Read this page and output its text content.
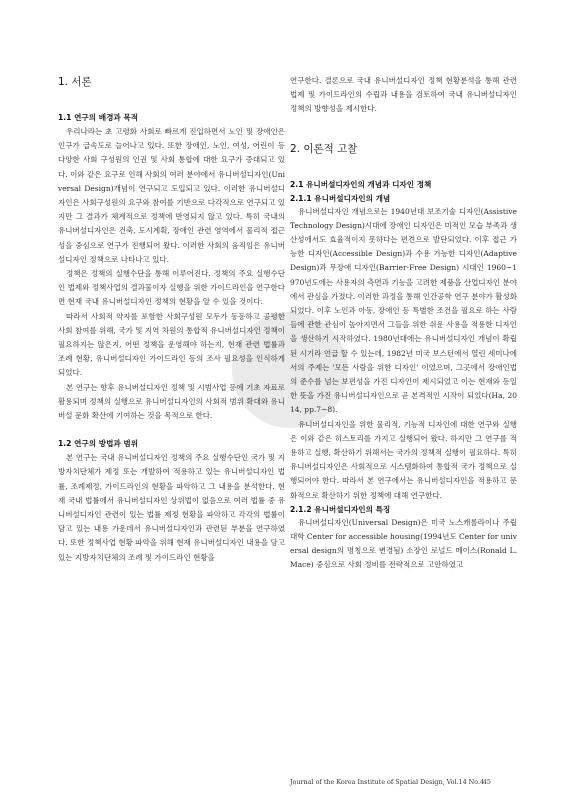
1. 서론
1.1 연구의 배경과 목적

우리나라는 초 고령화 사회로 빠르게 진입하면서 노인 및 장애인은 인구가 급속도로 늘어나고 있다. 또한 장애인, 노인, 여성, 어린이 등 다양한 사회 구성원의 인권 및 사회 통합에 대한 요구가 증대되고 있다. 이와 같은 요구로 인해 사회의 여러 분야에서 유니버설디자인(Universal Design)개념이 연구되고 도입되고 있다. 이러한 유니버설디자인은 사회구성원의 요구와 참여를 기반으로 다각적으로 연구되고 있지만 그 결과가 체계적으로 정책에 반영되지 않고 있다. 특히 국내의 유니버설디자인은 건축, 도시계획, 장애인 관련 영역에서 물리적 접근성을 중심으로 연구가 진행되어 왔다. 이러한 사회의 움직임은 유니버설디자인 정책으로 나타나고 있다.

정책은 정책의 실행수단을 통해 이루어진다. 정책의 주요 실행수단인 법제와 정책사업의 결과물이자 실행을 위한 가이드라인을 연구한다면 현재 국내 유니버설디자인 정책의 현황을 알 수 있을 것이다.

따라서 사회적 약자를 포함한 사회구성원 모두가 동등하고 공평한 사회 참여를 위해, 국가 및 지역 차원의 통합적 유니버설디자인 정책이 필요하지는 않은지, 어떤 정책을 운영해야 하는지, 현재 관련 법률과 조례 현황, 유니버설디자인 가이드라인 등의 조사 필요성을 인식하게 되었다.

본 연구는 향후 유니버설디자인 정책 및 시범사업 등에 기초 자료로 활용되며 정책의 실행으로 유니버설디자인의 사회적 범위 확대와 유니버설 문화 확산에 기여하는 것을 목적으로 한다.

1.2 연구의 방법과 범위

본 연구는 국내 유니버설디자인 정책의 주요 실행수단인 국가 및 지방자치단체가 제정 또는 개발하여 적용하고 있는 유니버설디자인 법률, 조례제정, 가이드라인의 현황을 파악하고 그 내용을 분석한다. 현재 국내 법률에서 유니버설디자인 상위법이 없음으로 여러 법률 중 유니버설디자인 관련이 있는 법률 제정 현황을 파악하고 각각의 법률이 담고 있는 내용 가운데서 유니버설디자인과 관련된 부분을 연구하였다. 또한 정책사업 현황 파악을 위해 현재 유니버설디자인 내용을 담고 있는 지방자치단체의 조례 및 가이드라인 현황을

연구한다. 결론으로 국내 유니버설디자인 정책 현황분석을 통해 관련 법제 및 가이드라인의 수립과 내용을 검토하여 국내 유니버설디자인 정책의 방향성을 제시한다.

2. 이론적 고찰
2.1 유니버설디자인의 개념과 디자인 정책
2.1.1 유니버설디자인의 개념

유니버설디자인 개념으로는 1940년대 보조기술 디자인(Assistive Technology Design)시대에 장애인 디자인은 미적인 모습 부족과 생산성에서도 효율적이지 못하다는 편견으로 발단되었다. 이후 접근 가능한 디자인(Accessible Design)과 수용 가능한 디자인(Adaptive Design)과 무장애 디자인(Barrier-Free Design) 시대인 1960~1970년도에는 사용자의 측면과 기능을 고려한 제품을 산업디자인 분야에서 관심을 가졌다. 이러한 과정을 통해 인간공학 연구 분야가 활성화 되었다. 이후 노인과 아동, 장애인 등 특별한 조건을 필요로 하는 사람들에 관한 관심이 높아지면서 그들을 위한 쉬운 사용을 적용한 디자인을 생산하기 시작하였다. 1980년대에는 유니버설디자인 개념이 확립된 시기라 언급 할 수 있는데, 1982년 미국 보스턴에서 열린 세미나에서의 주제는 '모든 사람을 위한 디자인' 이었으며, 그곳에서 장애인법의 준수를 넘는 보편성을 가진 디자인이 제시되었고 이는 현재와 동일한 뜻을 가진 유니버설디자인으로 곧 본격적인 시작이 되었다(Ha, 2014, pp.7~8).

유니버설디자인을 위한 물리적, 기능적 디자인에 대한 연구와 실행은 이와 같은 히스토리를 가지고 실행되어 왔다. 하지만 그 연구를 적용하고 실행, 확산하기 위해서는 국가의 정책적 실행이 필요하다. 특히 유니버설디자인은 사회적으로 시스템화하여 통합적 국가 정책으로 실행되어야 한다. 따라서 본 연구에서는 유니버설디자인을 적용하고 문화적으로 확산하기 위한 정책에 대해 연구한다.

2.1.2 유니버설디자인의 특징

유니버설디자인(Universal Design)은 미국 노스캐롤라이나 주립대학 Center for accessible housing(1994년도 Center for universal design의 명칭으로 변경됨) 소장인 로널드 메이스(Ronald L. Mace) 중심으로 사회 정비를 전략적으로 고안하였고

Journal of the Korea Institute of Spatial Design, Vol.14 No.4
45
